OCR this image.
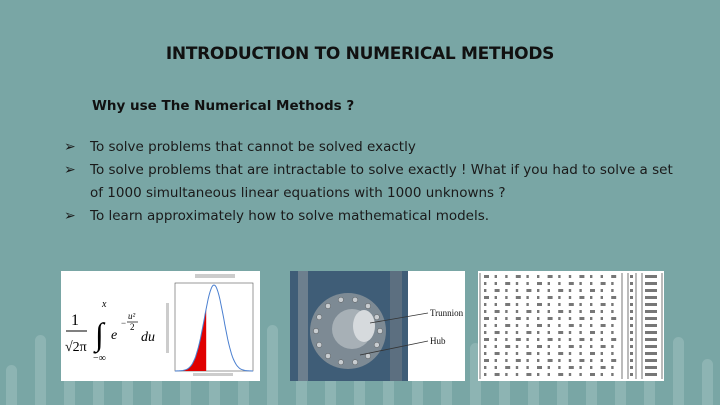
INTRODUCTION TO NUMERICAL METHODS
Why use The Numerical Methods ?
➢ To solve problems that cannot be solved exactly
➢ To solve problems that are intractable to solve exactly ! What if you had to solve a set of 1000 simultaneous linear equations with 1000 unknowns ?
➢ To learn approximately how to solve mathematical models.
1
√2π
x
∫
−∞
e
−
u²
2
du
Trunnion
Hub
